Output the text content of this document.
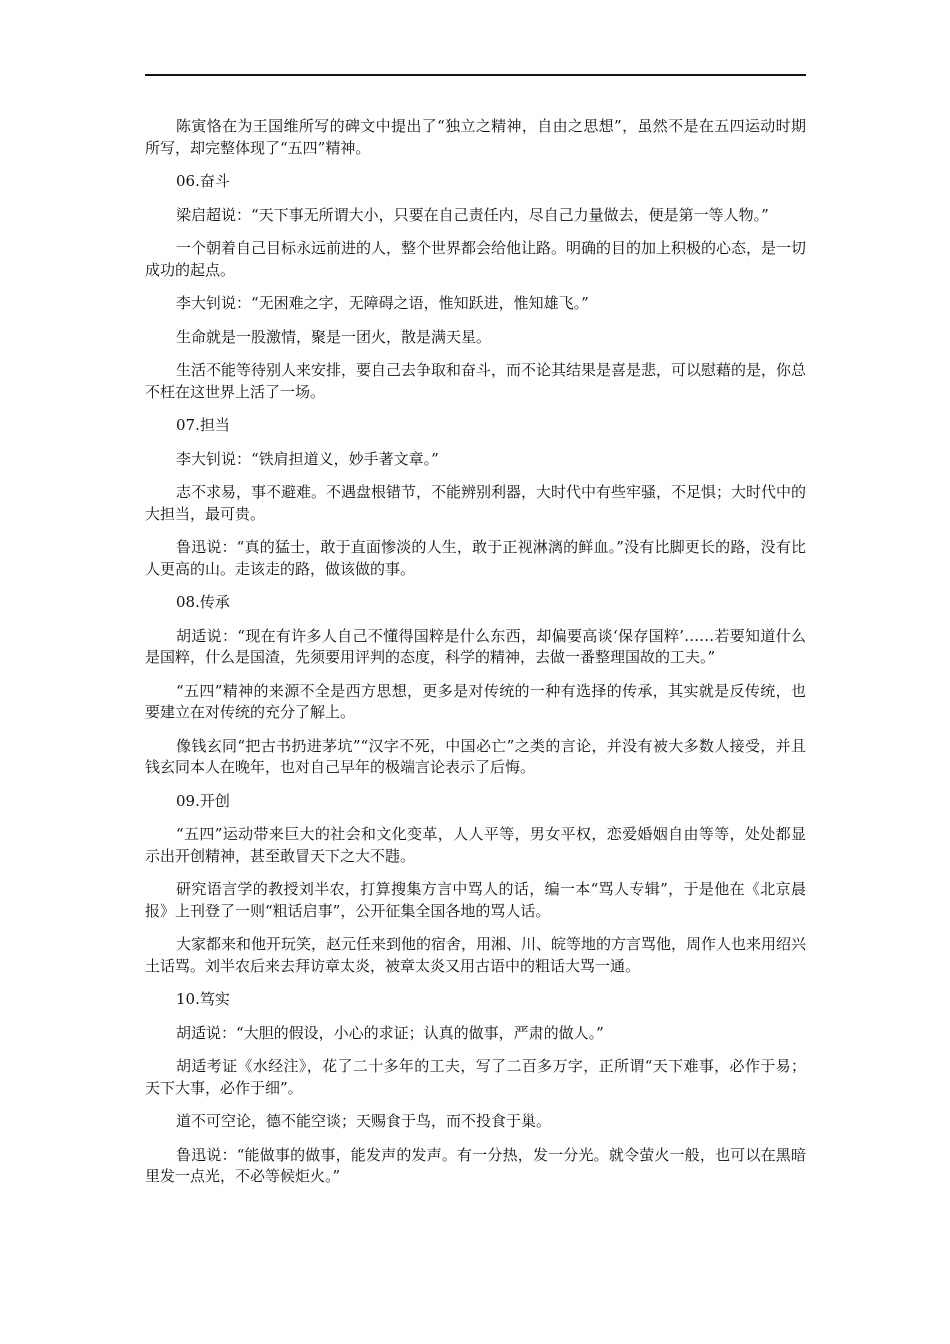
陈寅恪在为王国维所写的碑文中提出了“独立之精神，自由之思想”，虽然不是在五四运动时期所写，却完整体现了“五四”精神。

06.奋斗

梁启超说：“天下事无所谓大小，只要在自己责任内，尽自己力量做去，便是第一等人物。”

一个朝着自己目标永远前进的人，整个世界都会给他让路。明确的目的加上积极的心态，是一切成功的起点。

李大钊说：“无困难之字，无障碍之语，惟知跃进，惟知雄飞。”

生命就是一股激情，聚是一团火，散是满天星。

生活不能等待别人来安排，要自己去争取和奋斗，而不论其结果是喜是悲，可以慰藉的是，你总不枉在这世界上活了一场。

07.担当

李大钊说：“铁肩担道义，妙手著文章。”

志不求易，事不避难。不遇盘根错节，不能辨别利器，大时代中有些牢骚，不足惧；大时代中的大担当，最可贵。

鲁迅说：“真的猛士，敢于直面惨淡的人生，敢于正视淋漓的鲜血。”没有比脚更长的路，没有比人更高的山。走该走的路，做该做的事。

08.传承

胡适说：“现在有许多人自己不懂得国粹是什么东西，却偏要高谈‘保存国粹’……若要知道什么是国粹，什么是国渣，先须要用评判的态度，科学的精神，去做一番整理国故的工夫。”

“五四”精神的来源不全是西方思想，更多是对传统的一种有选择的传承，其实就是反传统，也要建立在对传统的充分了解上。

像钱玄同“把古书扔进茅坑”“汉字不死，中国必亡”之类的言论，并没有被大多数人接受，并且钱玄同本人在晚年，也对自己早年的极端言论表示了后悔。

09.开创

“五四”运动带来巨大的社会和文化变革，人人平等，男女平权，恋爱婚姻自由等等，处处都显示出开创精神，甚至敢冒天下之大不韪。

研究语言学的教授刘半农，打算搜集方言中骂人的话，编一本“骂人专辑”，于是他在《北京晨报》上刊登了一则“粗话启事”，公开征集全国各地的骂人话。

大家都来和他开玩笑，赵元任来到他的宿舍，用湘、川、皖等地的方言骂他，周作人也来用绍兴土话骂。刘半农后来去拜访章太炎，被章太炎又用古语中的粗话大骂一通。

10.笃实

胡适说：“大胆的假设，小心的求证；认真的做事，严肃的做人。”

胡适考证《水经注》，花了二十多年的工夫，写了二百多万字，正所谓“天下难事，必作于易；天下大事，必作于细”。

道不可空论，德不能空谈；天赐食于鸟，而不投食于巢。

鲁迅说：“能做事的做事，能发声的发声。有一分热，发一分光。就令萤火一般，也可以在黑暗里发一点光，不必等候炬火。”
